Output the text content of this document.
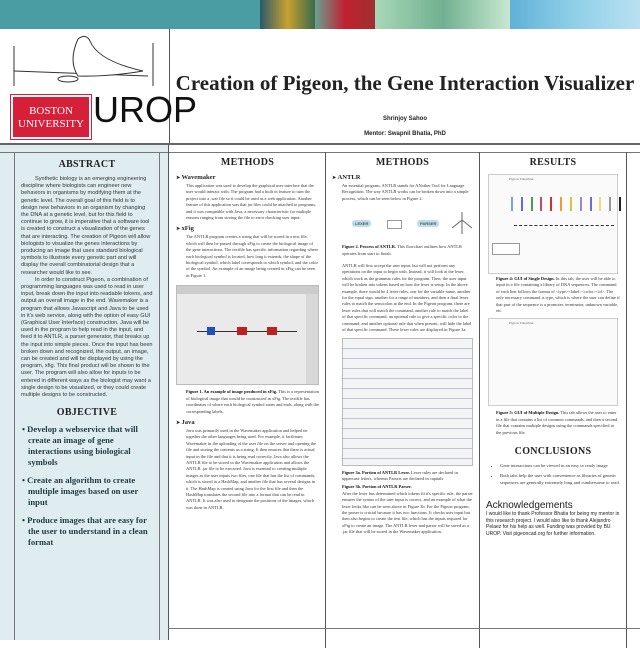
BOSTON UNIVERSITY UROP
Creation of Pigeon, the Gene Interaction Visualizer
Shrinjoy Sahoo
Mentor: Swapnil Bhatia, PhD
ABSTRACT

Synthetic biology is an emerging engineering discipline where biologists can engineer new behaviors in organisms by modifying them at the genetic level. The overall goal of this field is to design new behaviors in an organism by changing the DNA at a genetic level, but for this field to continue to grow, it is imperative that a software tool is created to construct a visualization of the genes that are interacting. The creation of Pigeon will allow biologists to visualize the genes interactions by producing an image that uses standard biological symbols to illustrate every genetic part and will display the overall combinatorial design that a researcher would like to see.

In order to construct Pigeon, a combination of programming languages was used to read in user input, break down the input into readable tokens, and output an overall image in the end. Wavemaker is a program that allows Javascript and Java to be used in it's web service, along with the option of easy GUI (Graphical User Interface) construction. Java will be used in the program to help read in the input, and feed it to ANTLR, a parser generator, that breaks up the input into simple pieces. Once the input has been broken down and recognized, the output, an image, can be created and will be displayed by using the program, xfig. This final product will be shown to the user. The program will also allow for inputs to be entered in different ways as the biologist may want a single design to be visualized, or they could create multiple designs to be constructed.

OBJECTIVE
• Develop a webservice that will create an image of gene interactions using biological symbols
• Create an algorithm to create multiple images based on user input
• Produce images that are easy for the user to understand in a clean format
METHODS
➤ Wavemaker
This application was used to develop the graphical user interface that the user would interact with. The program had a built in feature to turn the project into a .war file so it could be used as a web application. Another feature of this application was that jar files could be attached to programs, and it was compatible with Java, a necessary characteristic for multiple reasons ranging from storing the file to error checking user input.
➤ xFig
The ANTLR program creates a string that will be stored in a text file, which will then be passed through xFig to create the biological image of the gene interactions. The textfile has specific information regarding where each biological symbol is located, how long it extends, the shape of the biological symbol, which label corresponds to which symbol, and the color of the symbol. An example of an image being created in xFig can be seen in Figure 1.
Figure 1. An example of image produced in xFig. This is a representation of biological image that would be constructed in xFig. The textfile has coordinates of where each biological symbol starts and ends, along with the corresponding labels.
➤ Java
Java was primarily used in the Wavemaker application and helped tie together the other languages being used. For example, it facilitates Wavemaker in the uploading of the user file on the server and opening the file and storing the contents as a string. It then ensures that there is actual input in the file and that it is being read correctly. Java also allows the ANTLR file to be stored in the Wavemaker application and allows the ANTLR .jar file to be executed. Java is essential to creating multiple images as the user inputs two files, one file that has the list of commands, which is stored in a HashMap, and another file that has several designs in it. The HashMap is created using Java for the first file and then the HashMap translates the second file into a format that can be read in ANTLR. It was also used to designate the positions of the images, which was done in ANTLR.
METHODS
➤ ANTLR
An essential program, ANTLR stands for ANother Tool for Language Recognition. The way ANTLR works can be broken down into a simple process, which can be seen below in Figure 2.
LEXER
	PARSER
Figure 2. Process of ANTLR. This flowchart outlines how ANTLR operates from start to finish.
ANTLR will first accept the user input, but will not perform any operations on the input to begin with. Instead, it will look at the lexer, which work as the grammar rules for the program. Then, the user input will be broken into tokens based on how the lexer is setup. In the above example, there would be 4 lexer rules, one for the variable name, another for the equal sign, another for a range of numbers, and then a final lexer rules to match the semicolon at the end. In the Pigeon program, there are lexer rules that will match the command, another rule to match the label of that specific command, an optional rule to give a specific color to the command, and another optional rule that when present, will hide the label of that specific command. These lexer rules are displayed in Figure 3a.
Figure 3a. Portion of ANTLR Lexer. Lexer rules are declared in uppercase letters, whereas Parsers are declared in capitals
Figure 3b. Portion of ANTLR Parser.
After the lexer has determined which tokens fit it's specific rule, the parser ensures the syntax of the user input is correct, and an example of what the lexer looks like can be seen above in Figure 3b. For the Pigeon program, the parser is crucial because it has two functions. It checks user input but then also begins to create the text file, which has the inputs required for xFig to create an image. The ANTLR lexer and parser will be saved as a .jar file that will be stored in the Wavemaker application.
RESULTS
Pigeon Visualizer
Figure 4: GUI of Single Design. In this tab, the user will be able to input in a file containing a library of DNA sequences. The command of each line follows the format of <type><label><color><id>. The only necessary command is type, which is where the user can define if that part of the sequence is a promoter, terminator, unknown variable, etc.
Pigeon Visualizer
Figure 5: GUI of Multiple Design. This tab allows the user to enter in a file that contains a list of common commands, and then a second file that contains multiple designs using the commands specified in the previous file.
CONCLUSIONS
• Gene interactions can be viewed in an easy to ready image
• Both tabs help the user with convenience as libraries of genetic sequences are generally extremely long and cumbersome to read.
Acknowledgements

I would like to thank Professor Bhatia for being my mentor in this research project. I would also like to thank Alejandro Pelaez for his help as well. Funding was provided by BU UROP. Visit pigeoncad.org for further information.
